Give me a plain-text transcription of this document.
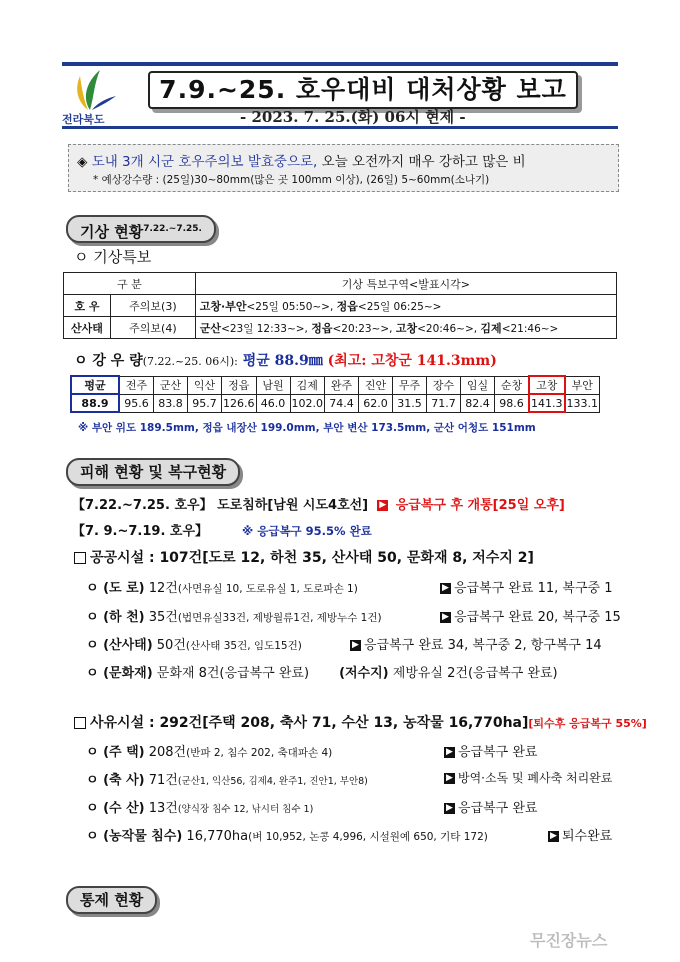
전라북도
7.9.~25. 호우대비 대처상황 보고
- 2023. 7. 25.(화) 06시 현제 -
◈ 도내 3개 시군 호우주의보 발효중으로, 오늘 오전까지 매우 강하고 많은 비
* 예상강수량 : (25일)30~80mm(많은 곳 100mm 이상), (26일) 5~60mm(소나기)
기상 현황$^{7.22.\sim 7.25.}$
ㅇ 기상특보
구 분		기상 특보구역<발표시각>
호 우	주의보(3)	고창·부안<25일 05:50~>, 정읍<25일 06:25~>
산사태	주의보(4)	군산<23일 12:33~>, 정읍<20:23~>, 고창<20:46~>, 김제<21:46~>
ㅇ 강 우 량(7.22.~25. 06시): 평균 88.9㎜ (최고: 고창군 141.3mm)
평균	전주	군산	익산	정읍	남원	김제	완주	진안	무주	장수	임실	순창	고창	부안
88.9	95.6	83.8	95.7	126.6	46.0	102.0	74.4	62.0	31.5	71.7	82.4	98.6	141.3	133.1
※ 부안 위도 189.5mm, 정읍 내장산 199.0mm, 부안 변산 173.5mm, 군산 어청도 151mm
피해 현황 및 복구현황
【7.22.~7.25. 호우】 도로침하[남원 시도4호선] ▶ 응급복구 후 개통[25일 오후]
【7. 9.~7.19. 호우】	※ 응급복구 95.5% 완료
공공시설 : 107건[도로 12, 하천 35, 산사태 50, 문화재 8, 저수지 2]
ㅇ (도 로) 12건(사면유실 10, 도로유실 1, 도로파손 1)	▶ 응급복구 완료 11, 복구중 1
ㅇ (하 천) 35건(법면유실33건, 제방월류1건, 제방누수 1건)	▶ 응급복구 완료 20, 복구중 15
ㅇ (산사태) 50건(산사태 35건, 임도15건)	▶ 응급복구 완료 34, 복구중 2, 항구복구 14
ㅇ (문화재) 문화재 8건(응급복구 완료) (저수지) 제방유실 2건(응급복구 완료)
사유시설 : 292건[주택 208, 축사 71, 수산 13, 농작물 16,770ha][퇴수후 응급복구 55%]
ㅇ (주 택) 208건(반파 2, 침수 202, 축대파손 4)	▶ 응급복구 완료
ㅇ (축 사) 71건(군산1, 익산56, 김제4, 완주1, 진안1, 부안8)	▶ 방역·소독 및 폐사축 처리완료
ㅇ (수 산) 13건(양식장 침수 12, 낚시터 침수 1)	▶ 응급복구 완료
ㅇ (농작물 침수) 16,770ha(벼 10,952, 논콩 4,996, 시설원예 650, 기타 172)	▶ 퇴수완료
통제 현황
무진장뉴스
